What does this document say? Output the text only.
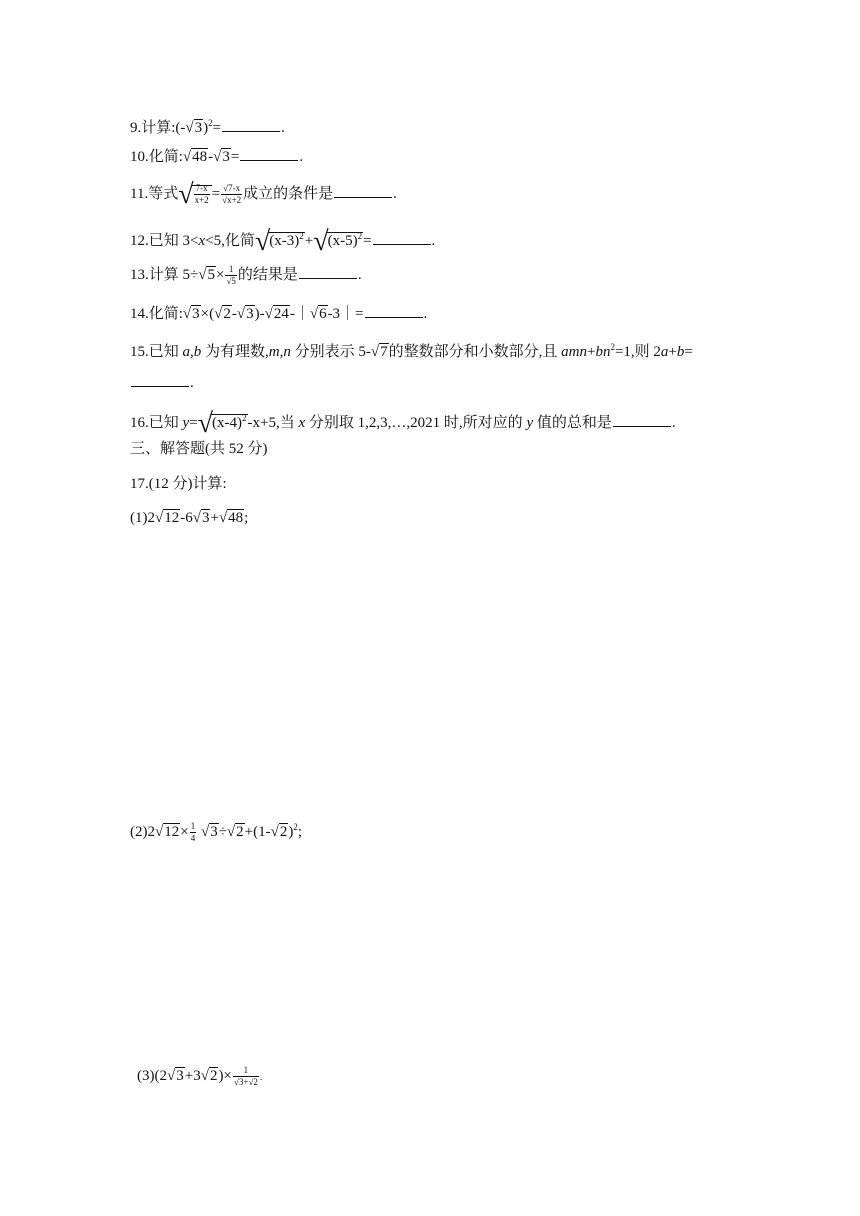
9.计算$:(-√3)^2=$	.
10.化简:√48-√3=	.
11.等式√ $\frac{7-x}{x+2} = \frac{√7-x}{√x+2}$ 成立的条件是	.
12.已知 3<x<5,化简$√(x-3)^2+√(x-5)^2=$	.
13.计算 $5\div√5\times \frac{1}{√5}$ 的结果是	.
14.化简:√3×(√2-√3)-√24-｜√6-3｜=	.
15.已知 a,b 为有理数,m,n 分别表示 5-√7的整数部分和小数部分,且 $amn+bn^2=1$,则 2a+b=
.
16.已知 $y=√(x-4)^2-x+5$,当 x 分别取 1,2,3,…,2021 时,所对应的 y 值的总和是	.
三、解答题(共 52 分)
17.(12 分)计算:
(1)2√12-6√3+√48;
$(2)2√12\times \frac{1}{4} √3\div√2+(1-√2)^2$;
$(3)(2√3+3√2)\times \frac{1}{√3+√2}$ .
